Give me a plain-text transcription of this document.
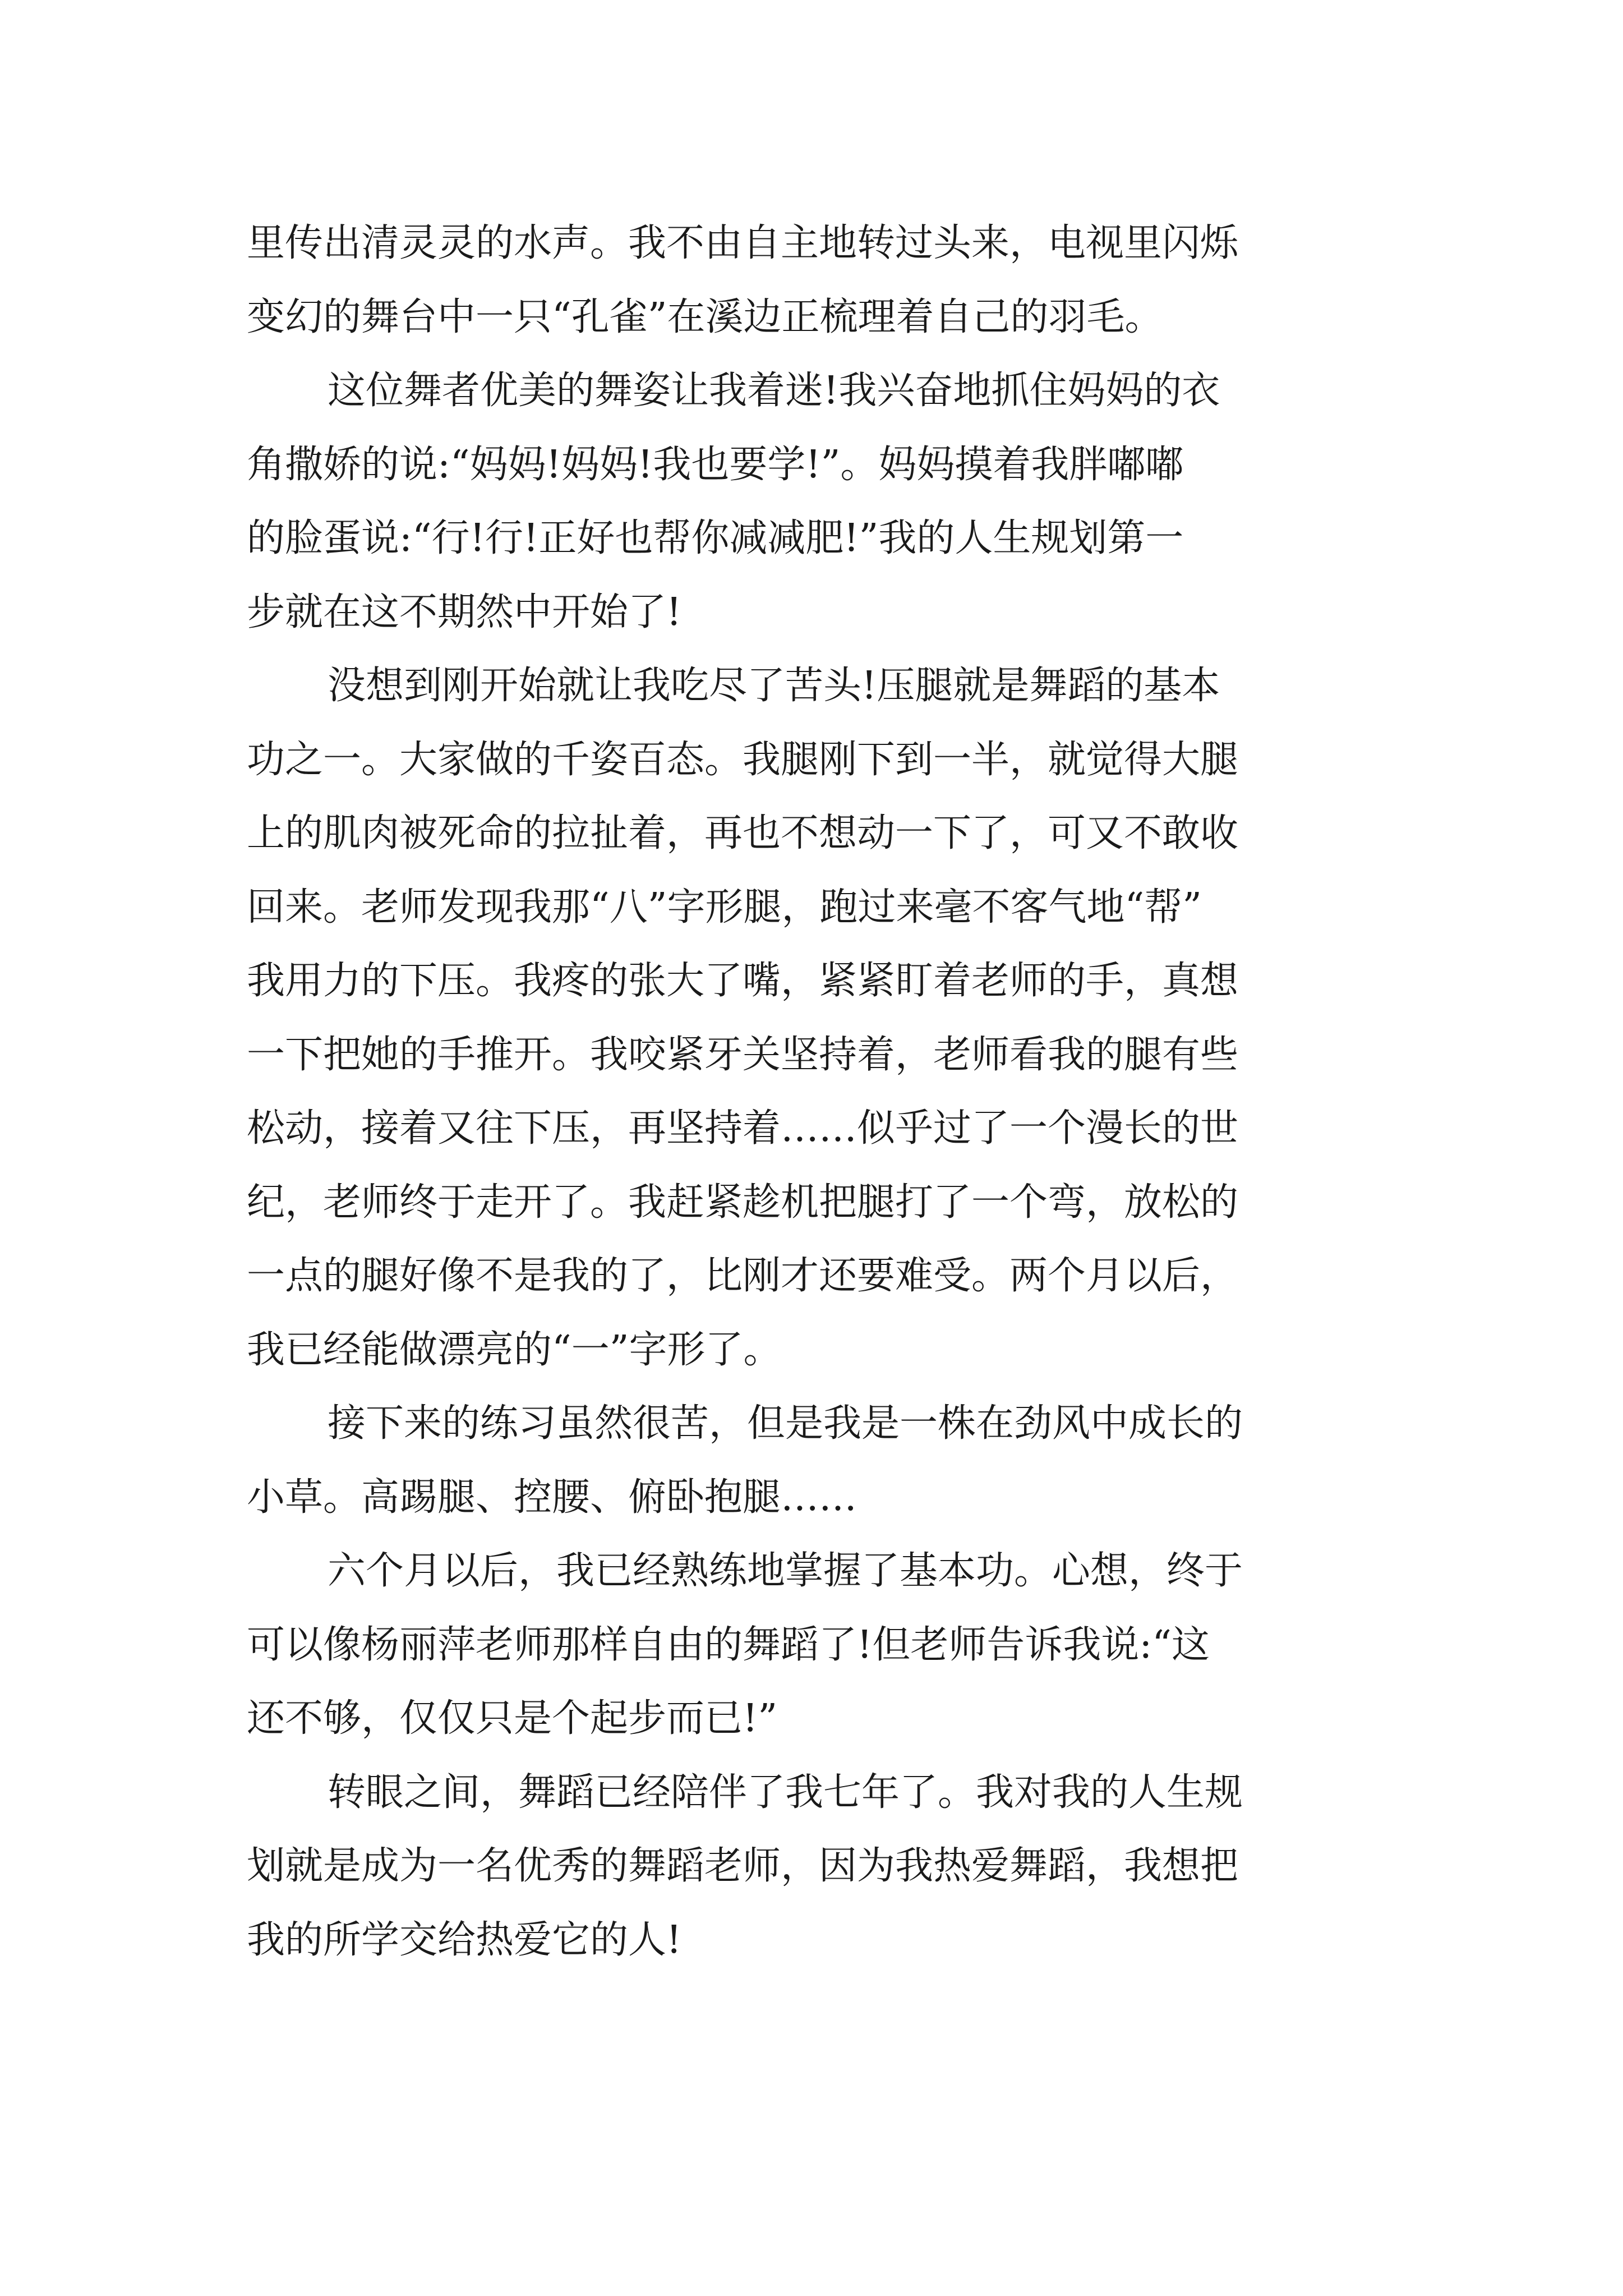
里传出清灵灵的水声。我不由自主地转过头来，电视里闪烁
变幻的舞台中一只“孔雀”在溪边正梳理着自己的羽毛。
这位舞者优美的舞姿让我着迷!我兴奋地抓住妈妈的衣
角撒娇的说:“妈妈!妈妈!我也要学!”。妈妈摸着我胖嘟嘟
的脸蛋说:“行!行!正好也帮你减减肥!”我的人生规划第一
步就在这不期然中开始了!
没想到刚开始就让我吃尽了苦头!压腿就是舞蹈的基本
功之一。大家做的千姿百态。我腿刚下到一半，就觉得大腿
上的肌肉被死命的拉扯着，再也不想动一下了，可又不敢收
回来。老师发现我那“八”字形腿，跑过来毫不客气地“帮”
我用力的下压。我疼的张大了嘴，紧紧盯着老师的手，真想
一下把她的手推开。我咬紧牙关坚持着，老师看我的腿有些
松动，接着又往下压，再坚持着……似乎过了一个漫长的世
纪，老师终于走开了。我赶紧趁机把腿打了一个弯，放松的
一点的腿好像不是我的了，比刚才还要难受。两个月以后，
我已经能做漂亮的“一”字形了。
接下来的练习虽然很苦，但是我是一株在劲风中成长的
小草。高踢腿、控腰、俯卧抱腿……
六个月以后，我已经熟练地掌握了基本功。心想，终于
可以像杨丽萍老师那样自由的舞蹈了!但老师告诉我说:“这
还不够，仅仅只是个起步而已!”
转眼之间，舞蹈已经陪伴了我七年了。我对我的人生规
划就是成为一名优秀的舞蹈老师，因为我热爱舞蹈，我想把
我的所学交给热爱它的人!
